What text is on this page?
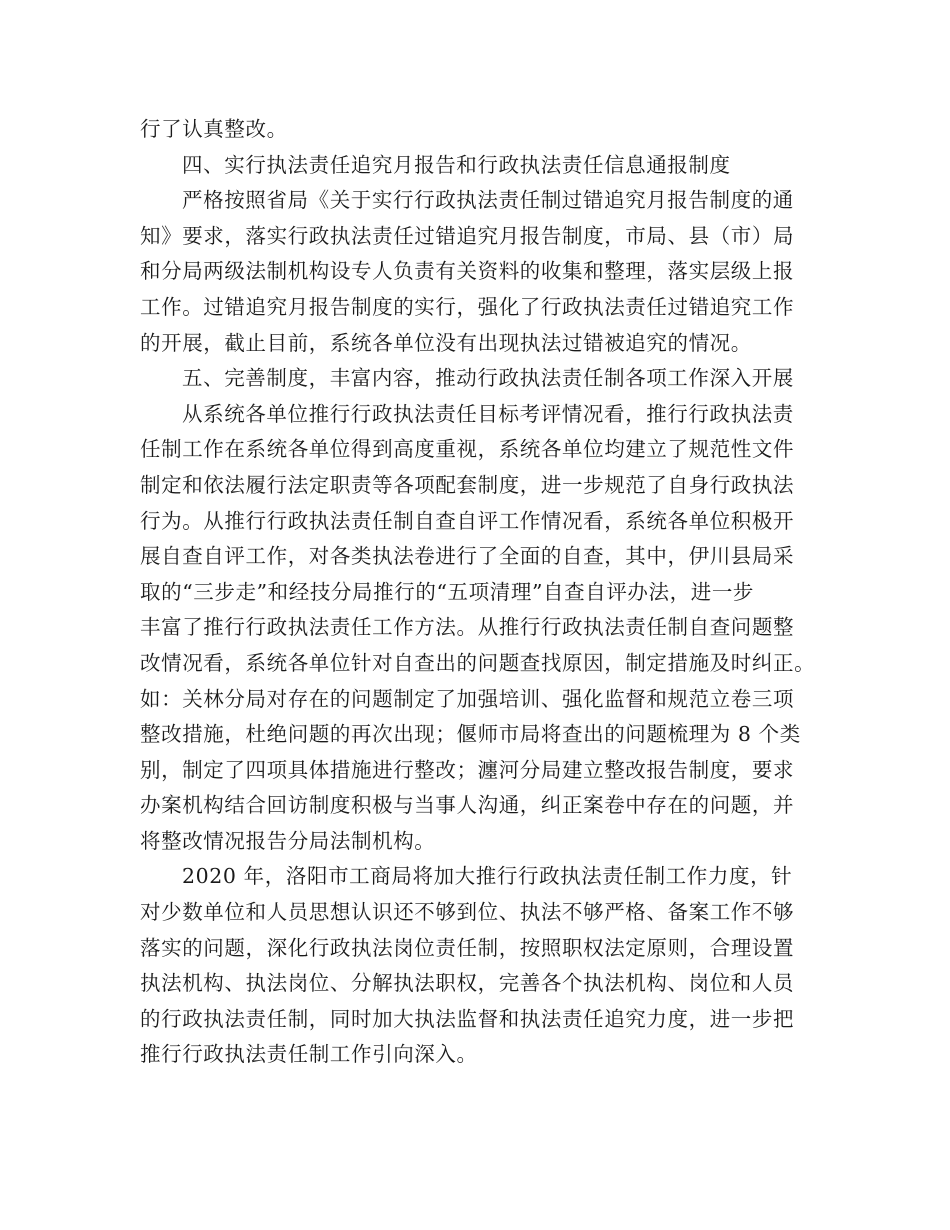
行了认真整改。
四、实行执法责任追究月报告和行政执法责任信息通报制度
严格按照省局《关于实行行政执法责任制过错追究月报告制度的通
知》要求，落实行政执法责任过错追究月报告制度，市局、县（市）局
和分局两级法制机构设专人负责有关资料的收集和整理，落实层级上报
工作。过错追究月报告制度的实行，强化了行政执法责任过错追究工作
的开展，截止目前，系统各单位没有出现执法过错被追究的情况。
五、完善制度，丰富内容，推动行政执法责任制各项工作深入开展
从系统各单位推行行政执法责任目标考评情况看，推行行政执法责
任制工作在系统各单位得到高度重视，系统各单位均建立了规范性文件
制定和依法履行法定职责等各项配套制度，进一步规范了自身行政执法
行为。从推行行政执法责任制自查自评工作情况看，系统各单位积极开
展自查自评工作，对各类执法卷进行了全面的自查，其中，伊川县局采
取的“三步走”和经技分局推行的“五项清理”自查自评办法，进一步
丰富了推行行政执法责任工作方法。从推行行政执法责任制自查问题整
改情况看，系统各单位针对自查出的问题查找原因，制定措施及时纠正。
如：关林分局对存在的问题制定了加强培训、强化监督和规范立卷三项
整改措施，杜绝问题的再次出现；偃师市局将查出的问题梳理为 8 个类
别，制定了四项具体措施进行整改；瀍河分局建立整改报告制度，要求
办案机构结合回访制度积极与当事人沟通，纠正案卷中存在的问题，并
将整改情况报告分局法制机构。
2020 年，洛阳市工商局将加大推行行政执法责任制工作力度，针
对少数单位和人员思想认识还不够到位、执法不够严格、备案工作不够
落实的问题，深化行政执法岗位责任制，按照职权法定原则，合理设置
执法机构、执法岗位、分解执法职权，完善各个执法机构、岗位和人员
的行政执法责任制，同时加大执法监督和执法责任追究力度，进一步把
推行行政执法责任制工作引向深入。
